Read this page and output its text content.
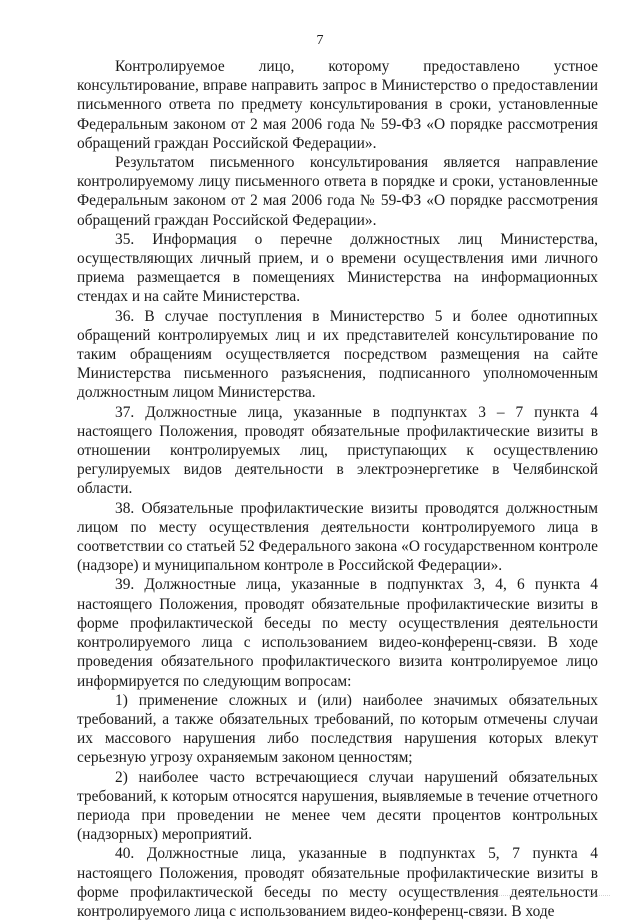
7

Контролируемое лицо, которому предоставлено устное консультирование, вправе направить запрос в Министерство о предоставлении письменного ответа по предмету консультирования в сроки, установленные Федеральным законом от 2 мая 2006 года № 59-ФЗ «О порядке рассмотрения обращений граждан Российской Федерации».

Результатом письменного консультирования является направление контролируемому лицу письменного ответа в порядке и сроки, установленные Федеральным законом от 2 мая 2006 года № 59-ФЗ «О порядке рассмотрения обращений граждан Российской Федерации».

35. Информация о перечне должностных лиц Министерства, осуществляющих личный прием, и о времени осуществления ими личного приема размещается в помещениях Министерства на информационных стендах и на сайте Министерства.

36. В случае поступления в Министерство 5 и более однотипных обращений контролируемых лиц и их представителей консультирование по таким обращениям осуществляется посредством размещения на сайте Министерства письменного разъяснения, подписанного уполномоченным должностным лицом Министерства.

37. Должностные лица, указанные в подпунктах 3 – 7 пункта 4 настоящего Положения, проводят обязательные профилактические визиты в отношении контролируемых лиц, приступающих к осуществлению регулируемых видов деятельности в электроэнергетике в Челябинской области.

38. Обязательные профилактические визиты проводятся должностным лицом по месту осуществления деятельности контролируемого лица в соответствии со статьей 52 Федерального закона «О государственном контроле (надзоре) и муниципальном контроле в Российской Федерации».

39. Должностные лица, указанные в подпунктах 3, 4, 6 пункта 4 настоящего Положения, проводят обязательные профилактические визиты в форме профилактической беседы по месту осуществления деятельности контролируемого лица с использованием видео-конференц-связи. В ходе проведения обязательного профилактического визита контролируемое лицо информируется по следующим вопросам:

1) применение сложных и (или) наиболее значимых обязательных требований, а также обязательных требований, по которым отмечены случаи их массового нарушения либо последствия нарушения которых влекут серьезную угрозу охраняемым законом ценностям;

2) наиболее часто встречающиеся случаи нарушений обязательных требований, к которым относятся нарушения, выявляемые в течение отчетного периода при проведении не менее чем десяти процентов контрольных (надзорных) мероприятий.

40. Должностные лица, указанные в подпунктах 5, 7 пункта 4 настоящего Положения, проводят обязательные профилактические визиты в форме профилактической беседы по месту осуществления деятельности контролируемого лица с использованием видео-конференц-связи. В ходе
